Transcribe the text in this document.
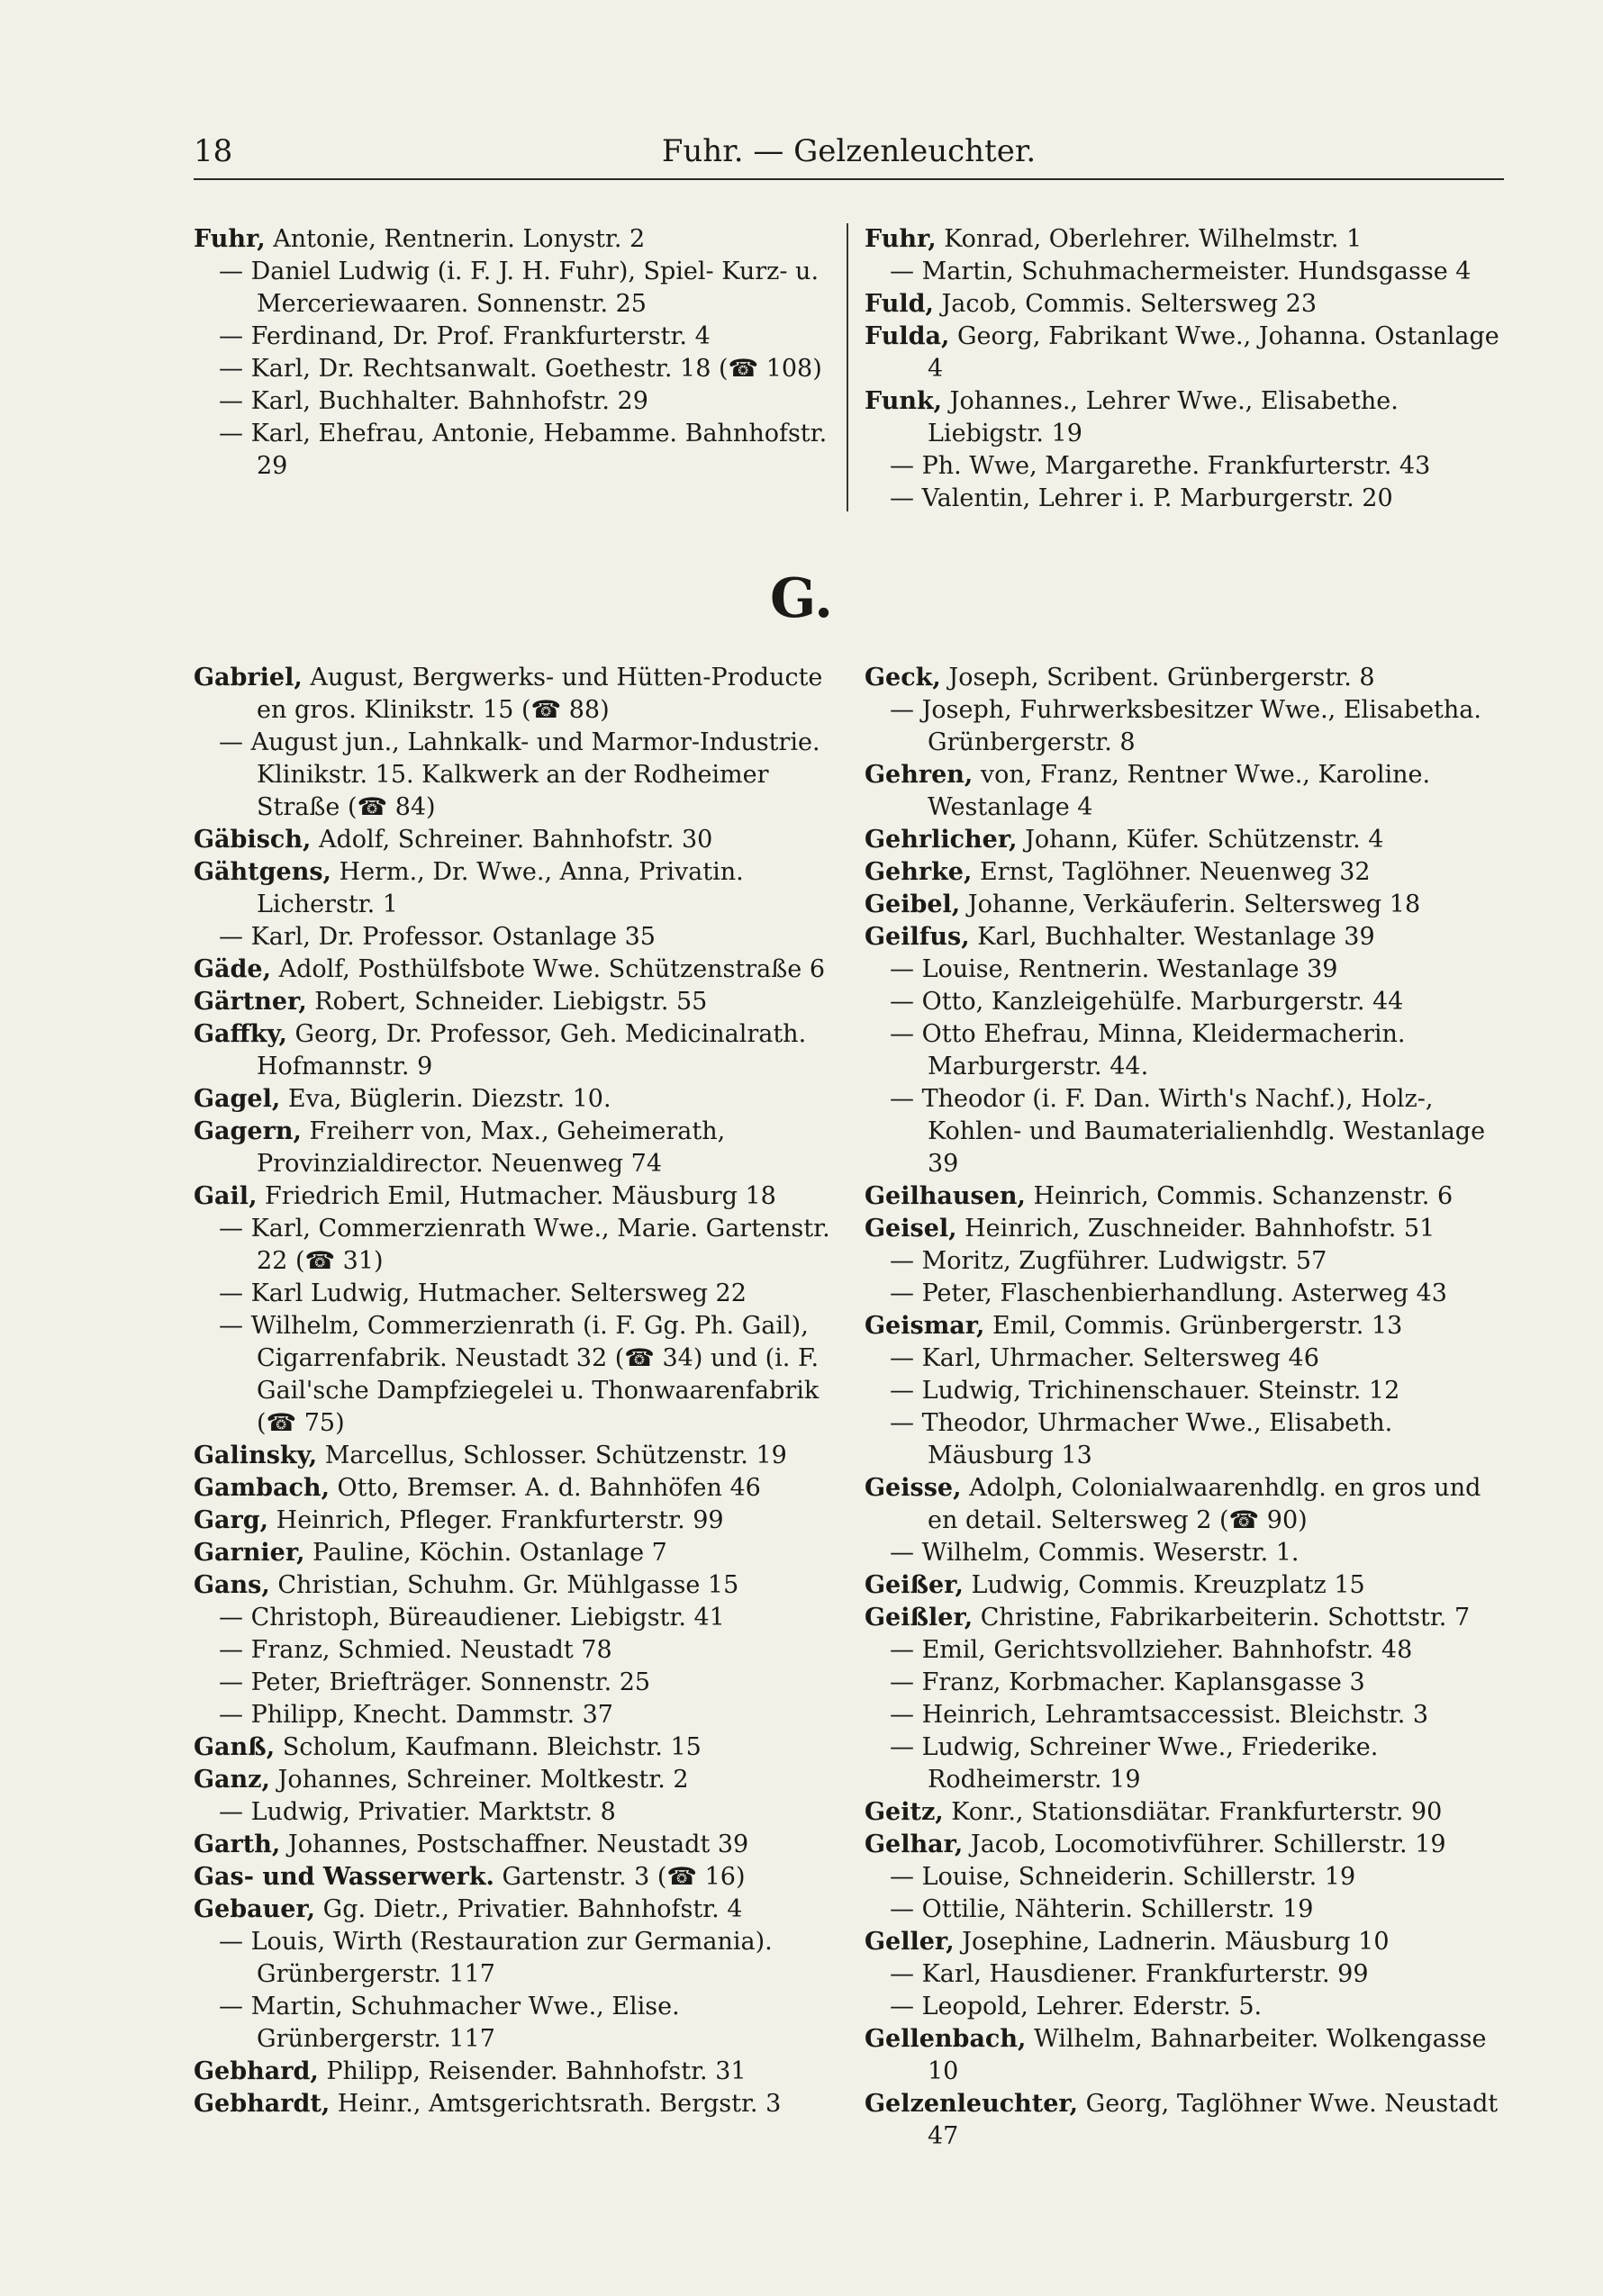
18	Fuhr. — Gelzenleuchter.

Fuhr, Antonie, Rentnerin. Lonystr. 2

— Daniel Ludwig (i. F. J. H. Fuhr), Spiel- Kurz- u. Merceriewaaren. Sonnenstr. 25

— Ferdinand, Dr. Prof. Frankfurterstr. 4

— Karl, Dr. Rechtsanwalt. Goethestr. 18 (☎ 108)

— Karl, Buchhalter. Bahnhofstr. 29

— Karl, Ehefrau, Antonie, Hebamme. Bahnhofstr. 29

Fuhr, Konrad, Oberlehrer. Wilhelmstr. 1

— Martin, Schuhmachermeister. Hundsgasse 4

Fuld, Jacob, Commis. Seltersweg 23

Fulda, Georg, Fabrikant Wwe., Johanna. Ostanlage 4

Funk, Johannes., Lehrer Wwe., Elisabethe. Liebigstr. 19

— Ph. Wwe, Margarethe. Frankfurterstr. 43

— Valentin, Lehrer i. P. Marburgerstr. 20

G.

Gabriel, August, Bergwerks- und Hütten-Producte en gros. Klinikstr. 15 (☎ 88)

— August jun., Lahnkalk- und Marmor-Industrie. Klinikstr. 15. Kalkwerk an der Rodheimer Straße (☎ 84)

Gäbisch, Adolf, Schreiner. Bahnhofstr. 30

Gähtgens, Herm., Dr. Wwe., Anna, Privatin. Licherstr. 1

— Karl, Dr. Professor. Ostanlage 35

Gäde, Adolf, Posthülfsbote Wwe. Schützenstraße 6

Gärtner, Robert, Schneider. Liebigstr. 55

Gaffky, Georg, Dr. Professor, Geh. Medicinalrath. Hofmannstr. 9

Gagel, Eva, Büglerin. Diezstr. 10.

Gagern, Freiherr von, Max., Geheimerath, Provinzialdirector. Neuenweg 74

Gail, Friedrich Emil, Hutmacher. Mäusburg 18

— Karl, Commerzienrath Wwe., Marie. Gartenstr. 22 (☎ 31)

— Karl Ludwig, Hutmacher. Seltersweg 22

— Wilhelm, Commerzienrath (i. F. Gg. Ph. Gail), Cigarrenfabrik. Neustadt 32 (☎ 34) und (i. F. Gail'sche Dampfziegelei u. Thonwaarenfabrik (☎ 75)

Galinsky, Marcellus, Schlosser. Schützenstr. 19

Gambach, Otto, Bremser. A. d. Bahnhöfen 46

Garg, Heinrich, Pfleger. Frankfurterstr. 99

Garnier, Pauline, Köchin. Ostanlage 7

Gans, Christian, Schuhm. Gr. Mühlgasse 15

— Christoph, Büreaudiener. Liebigstr. 41

— Franz, Schmied. Neustadt 78

— Peter, Briefträger. Sonnenstr. 25

— Philipp, Knecht. Dammstr. 37

Ganß, Scholum, Kaufmann. Bleichstr. 15

Ganz, Johannes, Schreiner. Moltkestr. 2

— Ludwig, Privatier. Marktstr. 8

Garth, Johannes, Postschaffner. Neustadt 39

Gas- und Wasserwerk. Gartenstr. 3 (☎ 16)

Gebauer, Gg. Dietr., Privatier. Bahnhofstr. 4

— Louis, Wirth (Restauration zur Germania). Grünbergerstr. 117

— Martin, Schuhmacher Wwe., Elise. Grünbergerstr. 117

Gebhard, Philipp, Reisender. Bahnhofstr. 31

Gebhardt, Heinr., Amtsgerichtsrath. Bergstr. 3

Geck, Joseph, Scribent. Grünbergerstr. 8

— Joseph, Fuhrwerksbesitzer Wwe., Elisabetha. Grünbergerstr. 8

Gehren, von, Franz, Rentner Wwe., Karoline. Westanlage 4

Gehrlicher, Johann, Küfer. Schützenstr. 4

Gehrke, Ernst, Taglöhner. Neuenweg 32

Geibel, Johanne, Verkäuferin. Seltersweg 18

Geilfus, Karl, Buchhalter. Westanlage 39

— Louise, Rentnerin. Westanlage 39

— Otto, Kanzleigehülfe. Marburgerstr. 44

— Otto Ehefrau, Minna, Kleidermacherin. Marburgerstr. 44.

— Theodor (i. F. Dan. Wirth's Nachf.), Holz-, Kohlen- und Baumaterialienhdlg. Westanlage 39

Geilhausen, Heinrich, Commis. Schanzenstr. 6

Geisel, Heinrich, Zuschneider. Bahnhofstr. 51

— Moritz, Zugführer. Ludwigstr. 57

— Peter, Flaschenbierhandlung. Asterweg 43

Geismar, Emil, Commis. Grünbergerstr. 13

— Karl, Uhrmacher. Seltersweg 46

— Ludwig, Trichinenschauer. Steinstr. 12

— Theodor, Uhrmacher Wwe., Elisabeth. Mäusburg 13

Geisse, Adolph, Colonialwaarenhdlg. en gros und en detail. Seltersweg 2 (☎ 90)

— Wilhelm, Commis. Weserstr. 1.

Geißer, Ludwig, Commis. Kreuzplatz 15

Geißler, Christine, Fabrikarbeiterin. Schottstr. 7

— Emil, Gerichtsvollzieher. Bahnhofstr. 48

— Franz, Korbmacher. Kaplansgasse 3

— Heinrich, Lehramtsaccessist. Bleichstr. 3

— Ludwig, Schreiner Wwe., Friederike. Rodheimerstr. 19

Geitz, Konr., Stationsdiätar. Frankfurterstr. 90

Gelhar, Jacob, Locomotivführer. Schillerstr. 19

— Louise, Schneiderin. Schillerstr. 19

— Ottilie, Nähterin. Schillerstr. 19

Geller, Josephine, Ladnerin. Mäusburg 10

— Karl, Hausdiener. Frankfurterstr. 99

— Leopold, Lehrer. Ederstr. 5.

Gellenbach, Wilhelm, Bahnarbeiter. Wolkengasse 10

Gelzenleuchter, Georg, Taglöhner Wwe. Neustadt 47
